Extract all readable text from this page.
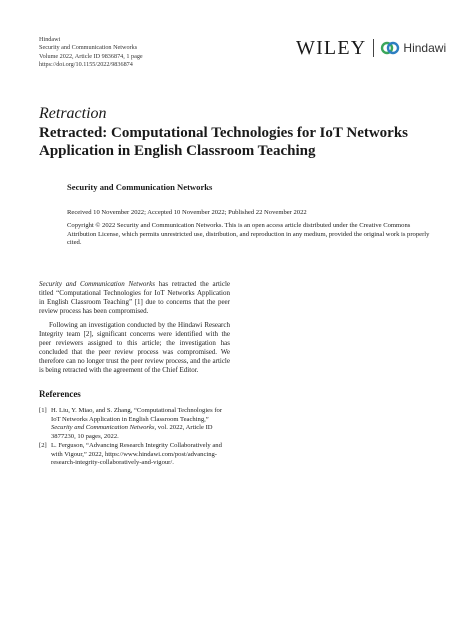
Hindawi
Security and Communication Networks
Volume 2022, Article ID 9836874, 1 page
https://doi.org/10.1155/2022/9836874
WILEY	Hindawi
Retraction
Retracted: Computational Technologies for IoT Networks Application in English Classroom Teaching
Security and Communication Networks
Received 10 November 2022; Accepted 10 November 2022; Published 22 November 2022
Copyright © 2022 Security and Communication Networks. This is an open access article distributed under the Creative Commons Attribution License, which permits unrestricted use, distribution, and reproduction in any medium, provided the original work is properly cited.

Security and Communication Networks has retracted the article titled “Computational Technologies for IoT Networks Application in English Classroom Teaching” [1] due to concerns that the peer review process has been compromised.

Following an investigation conducted by the Hindawi Research Integrity team [2], significant concerns were identified with the peer reviewers assigned to this article; the investigation has concluded that the peer review process was compromised. We therefore can no longer trust the peer review process, and the article is being retracted with the agreement of the Chief Editor.

References
[1] H. Liu, Y. Miao, and S. Zhang, “Computational Technologies for IoT Networks Application in English Classroom Teaching,” Security and Communication Networks, vol. 2022, Article ID 3877230, 10 pages, 2022.
[2] L. Ferguson, “Advancing Research Integrity Collaboratively and with Vigour,” 2022, https://www.hindawi.com/post/advancing-research-integrity-collaboratively-and-vigour/.
